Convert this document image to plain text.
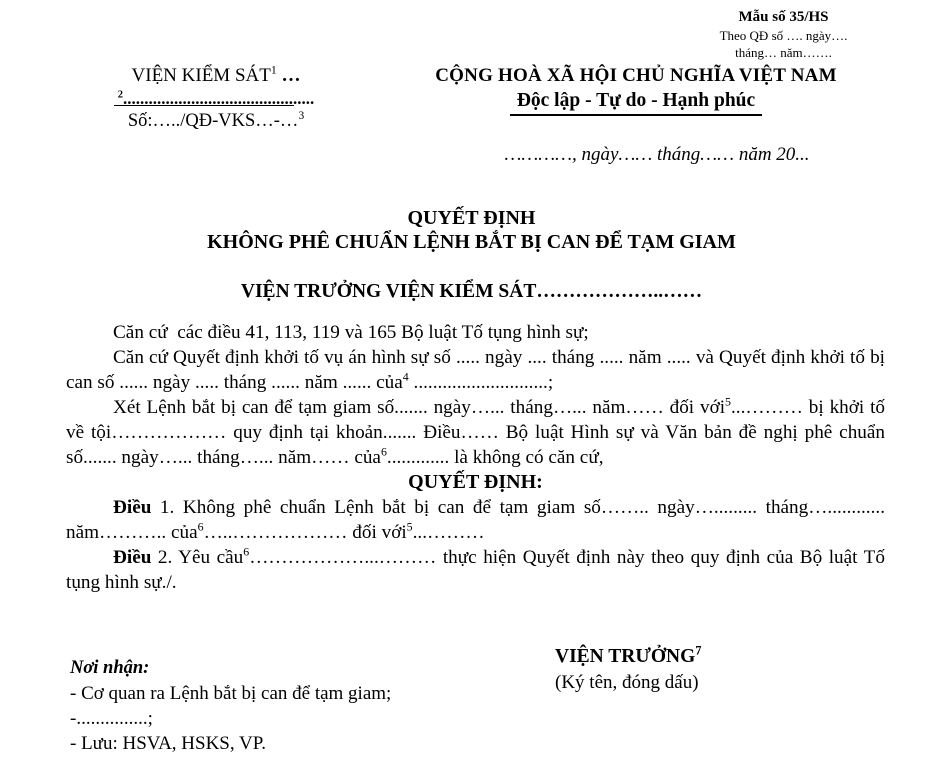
Mẫu số 35/HS
Theo QĐ số …. ngày….
tháng… năm…….
VIỆN KIỂM SÁT$^1$ …
$^2$.............................................
Số:…../QĐ-VKS…-…$^3$
CỘNG HOÀ XÃ HỘI CHỦ NGHĨA VIỆT NAM
Độc lập - Tự do - Hạnh phúc
…………, ngày…… tháng…… năm 20...
QUYẾT ĐỊNH
KHÔNG PHÊ CHUẨN LỆNH BẮT BỊ CAN ĐỂ TẠM GIAM
VIỆN TRƯỞNG VIỆN KIỂM SÁT………………..……

Căn cứ  các điều 41, 113, 119 và 165 Bộ luật Tố tụng hình sự;

Căn cứ Quyết định khởi tố vụ án hình sự số ..... ngày .... tháng ..... năm ..... và Quyết định khởi tố bị can số ...... ngày ..... tháng ...... năm ...... của$^4$ ............................;

Xét Lệnh bắt bị can để tạm giam số....... ngày…... tháng…... năm…… đối với$^5$...……… bị khởi tố về tội……………… quy định tại khoản....... Điều…… Bộ luật Hình sự và Văn bản đề nghị phê chuẩn số....... ngày…... tháng…... năm…… của$^6$............. là không có căn cứ,

QUYẾT ĐỊNH:

Điều 1. Không phê chuẩn Lệnh bắt bị can để tạm giam số…….. ngày…......... tháng…............ năm……….. của$^6$…..……………… đối với$^5$...………

Điều 2. Yêu cầu$^6$………………...……… thực hiện Quyết định này theo quy định của Bộ luật Tố tụng hình sự./.

Nơi nhận:
- Cơ quan ra Lệnh bắt bị can để tạm giam;
-...............;
- Lưu: HSVA, HSKS, VP.
VIỆN TRƯỞNG$^7$
(Ký tên, đóng dấu)
